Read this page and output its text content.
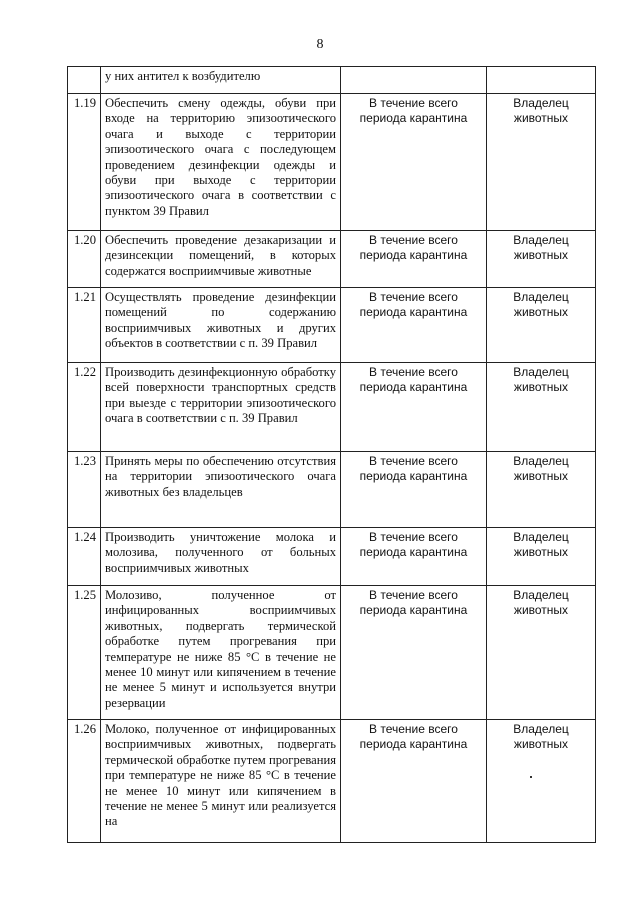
8
	у них антител к возбудителю		
1.19	Обеспечить смену одежды, обуви при входе на территорию эпизоотического очага и выходе с территории эпизоотического очага с последующем проведением дезинфекции одежды и обуви при выходе с территории эпизоотического очага в соответствии с пунктом 39 Правил	В течение всего периода карантина	Владелец животных
1.20	Обеспечить проведение дезакаризации и дезинсекции помещений, в которых содержатся восприимчивые животные	В течение всего периода карантина	Владелец животных
1.21	Осуществлять проведение дезинфекции помещений по содержанию восприимчивых животных и других объектов в соответствии с п. 39 Правил	В течение всего периода карантина	Владелец животных
1.22	Производить дезинфекционную обработку всей поверхности транспортных средств при выезде с территории эпизоотического очага в соответствии с п. 39 Правил	В течение всего периода карантина	Владелец животных
1.23	Принять меры по обеспечению отсутствия на территории эпизоотического очага животных без владельцев	В течение всего периода карантина	Владелец животных
1.24	Производить уничтожение молока и молозива, полученного от больных восприимчивых животных	В течение всего периода карантина	Владелец животных
1.25	Молозиво, полученное от инфицированных восприимчивых животных, подвергать термической обработке путем прогревания при температуре не ниже 85 °С в течение не менее 10 минут или кипячением в течение не менее 5 минут и используется внутри резервации	В течение всего периода карантина	Владелец животных
1.26	Молоко, полученное от инфицированных восприимчивых животных, подвергать термической обработке путем прогревания при температуре не ниже 85 °С в течение не менее 10 минут или кипячением в течение не менее 5 минут или реализуется на	В течение всего периода карантина	Владелец животных
